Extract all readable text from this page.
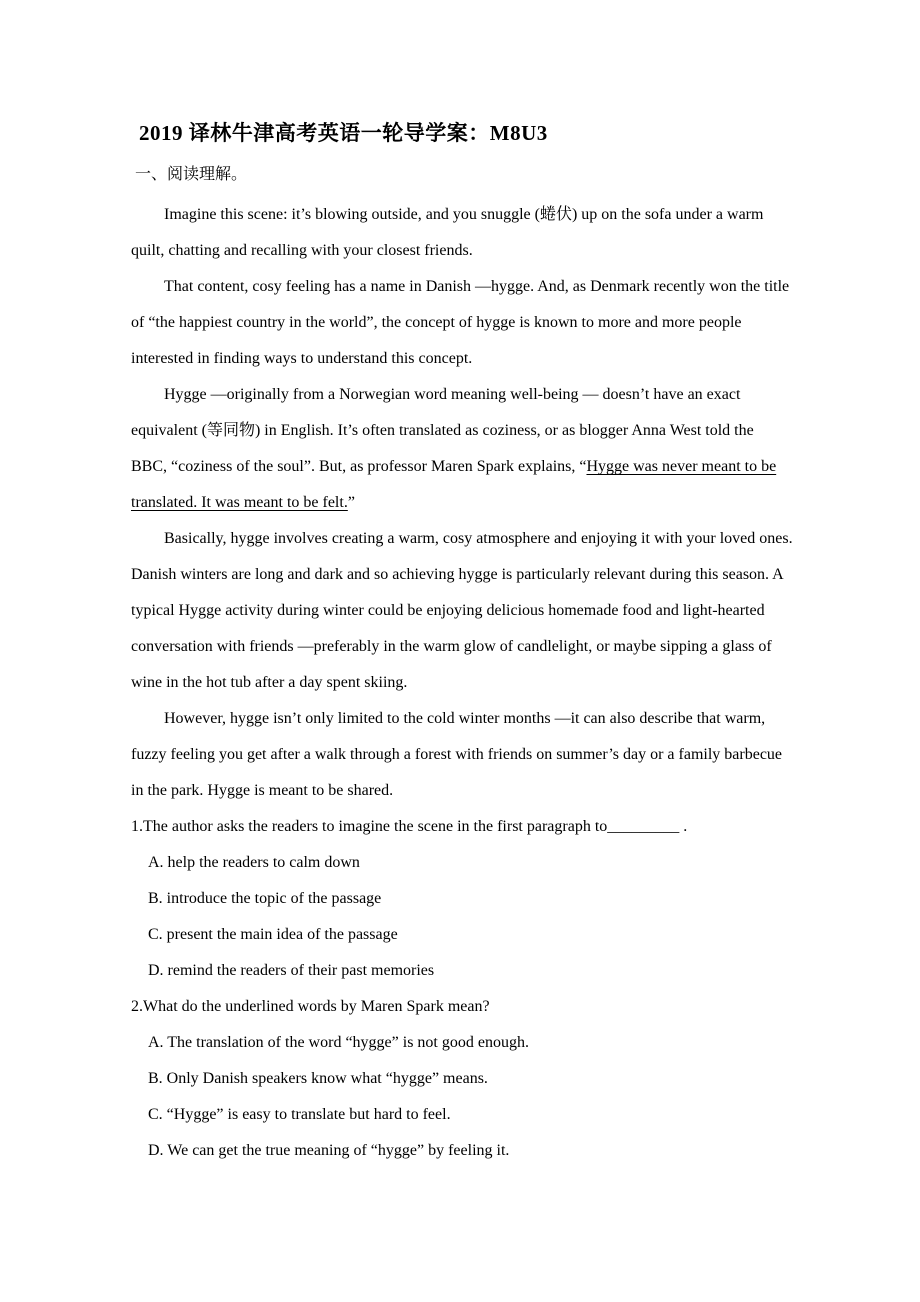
2019 译林牛津高考英语一轮导学案：M8U3
一、阅读理解。

Imagine this scene: it’s blowing outside, and you snuggle (蜷伏) up on the sofa under a warm quilt, chatting and recalling with your closest friends.

That content, cosy feeling has a name in Danish —hygge. And, as Denmark recently won the title of “the happiest country in the world”, the concept of hygge is known to more and more people interested in finding ways to understand this concept.

Hygge —originally from a Norwegian word meaning well-being — doesn’t have an exact equivalent (等同物) in English. It’s often translated as coziness, or as blogger Anna West told the BBC, “coziness of the soul”. But, as professor Maren Spark explains, “Hygge was never meant to be translated. It was meant to be felt.”

Basically, hygge involves creating a warm, cosy atmosphere and enjoying it with your loved ones. Danish winters are long and dark and so achieving hygge is particularly relevant during this season. A typical Hygge activity during winter could be enjoying delicious homemade food and light-hearted conversation with friends —preferably in the warm glow of candlelight, or maybe sipping a glass of wine in the hot tub after a day spent skiing.

However, hygge isn’t only limited to the cold winter months —it can also describe that warm, fuzzy feeling you get after a walk through a forest with friends on summer’s day or a family barbecue in the park. Hygge is meant to be shared.

1.The author asks the readers to imagine the scene in the first paragraph to_________ .

A. help the readers to calm down

B. introduce the topic of the passage

C. present the main idea of the passage

D. remind the readers of their past memories

2.What do the underlined words by Maren Spark mean?

A. The translation of the word “hygge” is not good enough.

B. Only Danish speakers know what “hygge” means.

C. “Hygge” is easy to translate but hard to feel.

D. We can get the true meaning of “hygge” by feeling it.
